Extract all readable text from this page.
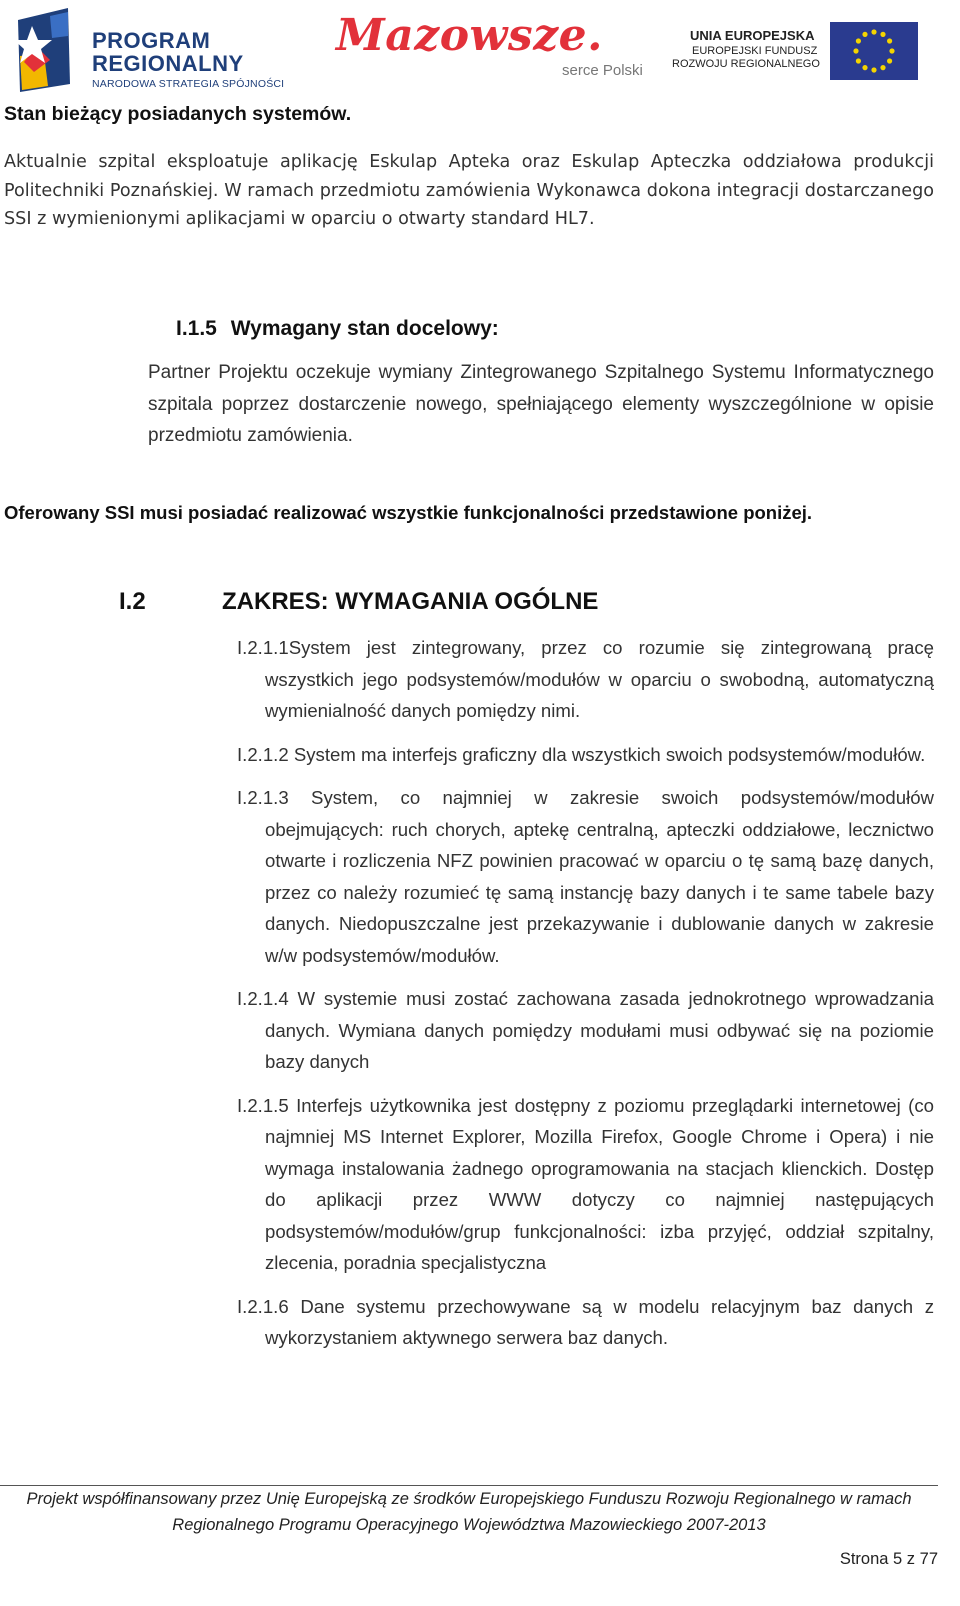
PROGRAM
REGIONALNY
NARODOWA STRATEGIA SPÓJNOŚCI
Mazowsze.
serce Polski
UNIA EUROPEJSKA
EUROPEJSKI FUNDUSZ
ROZWOJU REGIONALNEGO
Stan bieżący posiadanych systemów.
Aktualnie szpital eksploatuje aplikację Eskulap Apteka oraz Eskulap Apteczka oddziałowa produkcji Politechniki Poznańskiej. W ramach przedmiotu zamówienia Wykonawca dokona integracji dostarczanego SSI z wymienionymi aplikacjami w oparciu o otwarty standard HL7.
I.1.5 Wymagany stan docelowy:
Partner Projektu oczekuje wymiany Zintegrowanego Szpitalnego Systemu Informatycznego szpitala poprzez dostarczenie nowego, spełniającego elementy wyszczególnione w opisie przedmiotu zamówienia.
Oferowany SSI musi posiadać realizować wszystkie funkcjonalności przedstawione poniżej.
I.2	ZAKRES: WYMAGANIA OGÓLNE
I.2.1.1System jest zintegrowany, przez co rozumie się zintegrowaną pracę wszystkich jego podsystemów/modułów w oparciu o swobodną, automatyczną wymienialność danych pomiędzy nimi.
I.2.1.2 System ma interfejs graficzny dla wszystkich swoich podsystemów/modułów.
I.2.1.3 System, co najmniej w zakresie swoich podsystemów/modułów obejmujących: ruch chorych, aptekę centralną, apteczki oddziałowe, lecznictwo otwarte i rozliczenia NFZ powinien pracować w oparciu o tę samą bazę danych, przez co należy rozumieć tę samą instancję bazy danych i te same tabele bazy danych. Niedopuszczalne jest przekazywanie i dublowanie danych w zakresie w/w podsystemów/modułów.
I.2.1.4 W systemie musi zostać zachowana zasada jednokrotnego wprowadzania danych. Wymiana danych pomiędzy modułami musi odbywać się na poziomie bazy danych
I.2.1.5 Interfejs użytkownika jest dostępny z poziomu przeglądarki internetowej (co najmniej MS Internet Explorer, Mozilla Firefox, Google Chrome i Opera) i nie wymaga instalowania żadnego oprogramowania na stacjach klienckich. Dostęp do aplikacji przez WWW dotyczy co najmniej następujących podsystemów/modułów/grup funkcjonalności: izba przyjęć, oddział szpitalny, zlecenia, poradnia specjalistyczna
I.2.1.6 Dane systemu przechowywane są w modelu relacyjnym baz danych z wykorzystaniem aktywnego serwera baz danych.
Projekt współfinansowany przez Unię Europejską ze środków Europejskiego Funduszu Rozwoju Regionalnego w ramach
Regionalnego Programu Operacyjnego Województwa Mazowieckiego 2007-2013
Strona 5 z 77
